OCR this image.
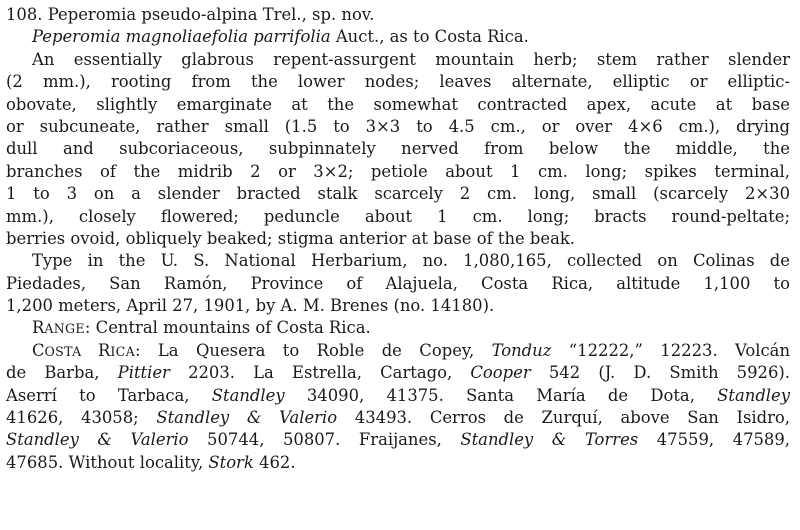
108. Peperomia pseudo-alpina Trel., sp. nov.
Peperomia magnoliaefolia parrifolia Auct., as to Costa Rica.
An essentially glabrous repent-assurgent mountain herb; stem rather slender
(2 mm.), rooting from the lower nodes; leaves alternate, elliptic or elliptic-
obovate, slightly emarginate at the somewhat contracted apex, acute at base
or subcuneate, rather small (1.5 to 3×3 to 4.5 cm., or over 4×6 cm.), drying
dull and subcoriaceous, subpinnately nerved from below the middle, the
branches of the midrib 2 or 3×2; petiole about 1 cm. long; spikes terminal,
1 to 3 on a slender bracted stalk scarcely 2 cm. long, small (scarcely 2×30
mm.), closely flowered; peduncle about 1 cm. long; bracts round-peltate;
berries ovoid, obliquely beaked; stigma anterior at base of the beak.
Type in the U. S. National Herbarium, no. 1,080,165, collected on Colinas de
Piedades, San Ramón, Province of Alajuela, Costa Rica, altitude 1,100 to
1,200 meters, April 27, 1901, by A. M. Brenes (no. 14180).
RANGE: Central mountains of Costa Rica.
COSTA RICA: La Quesera to Roble de Copey, Tonduz “12222,” 12223. Volcán
de Barba, Pittier 2203. La Estrella, Cartago, Cooper 542 (J. D. Smith 5926).
Aserrí to Tarbaca, Standley 34090, 41375. Santa María de Dota, Standley
41626, 43058; Standley & Valerio 43493. Cerros de Zurquí, above San Isidro,
Standley & Valerio 50744, 50807. Fraijanes, Standley & Torres 47559, 47589,
47685. Without locality, Stork 462.
